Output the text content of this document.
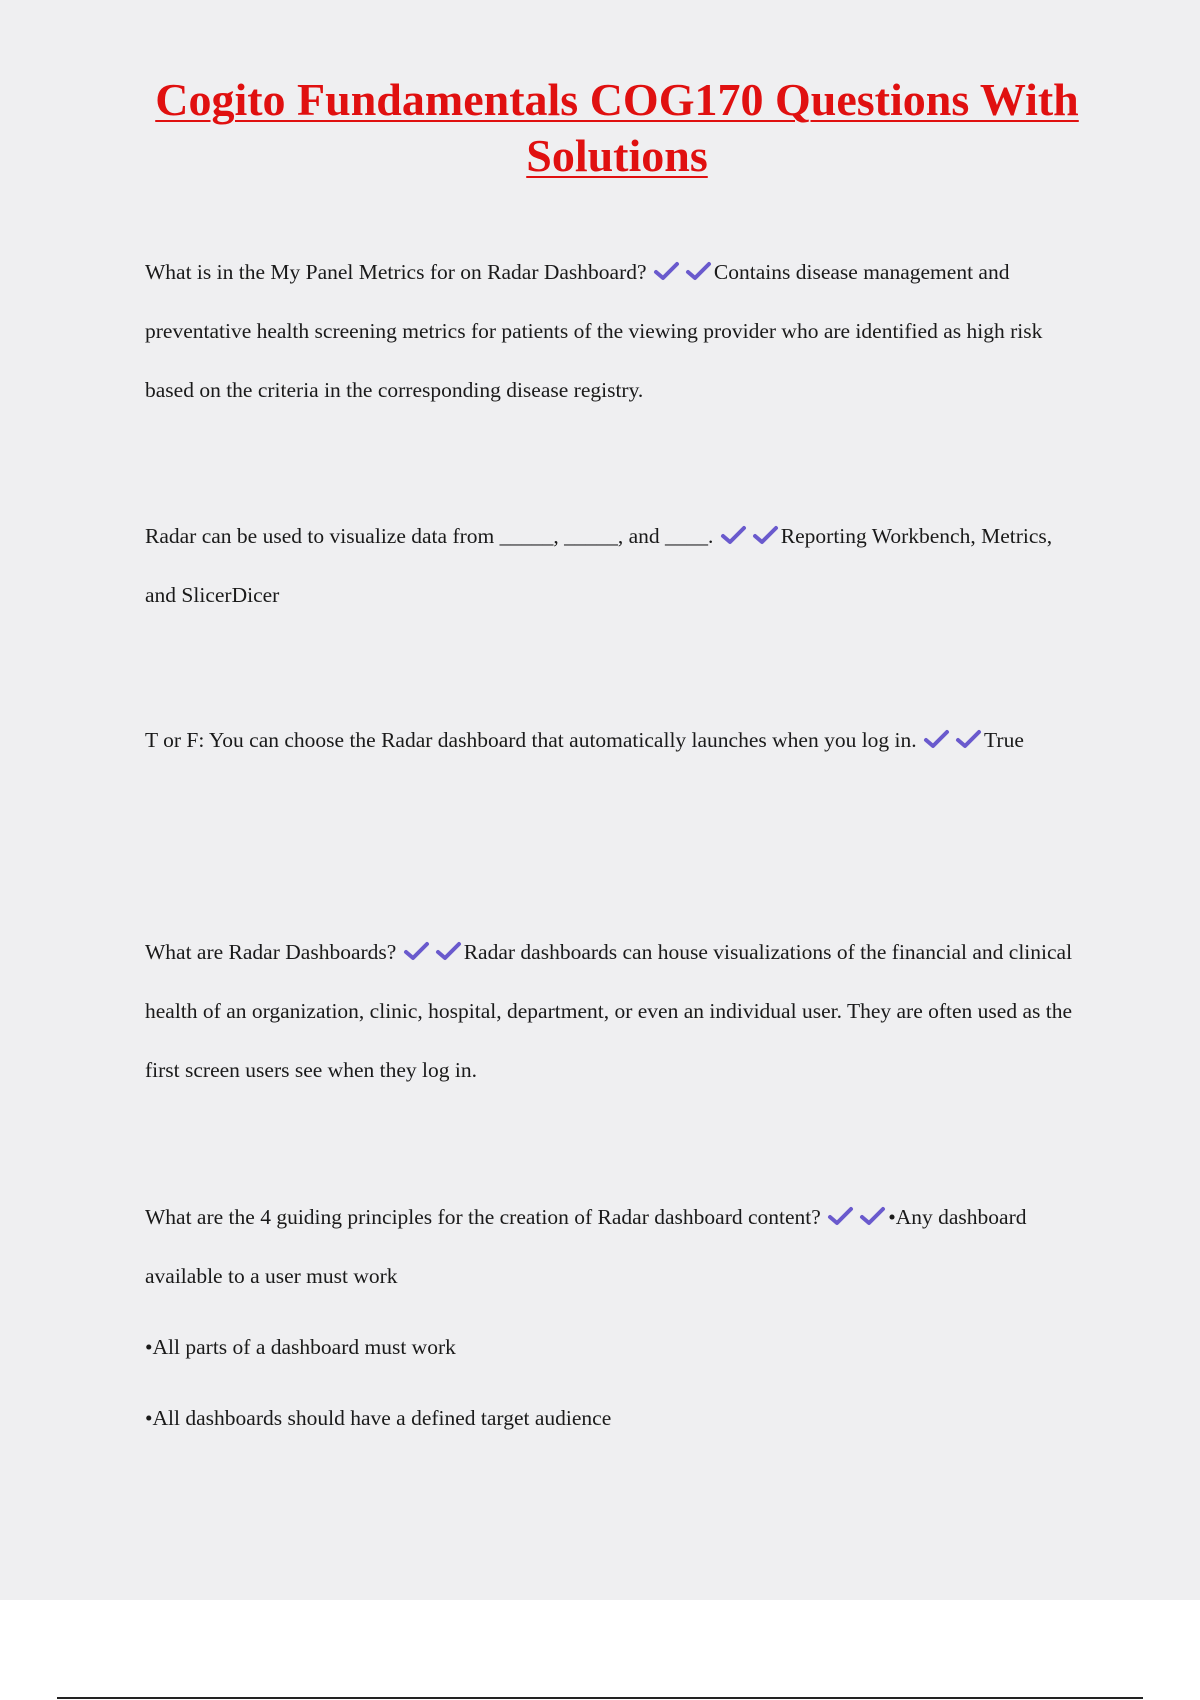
Cogito Fundamentals COG170 Questions With Solutions

What is in the My Panel Metrics for on Radar Dashboard?	Contains disease management and preventative health screening metrics for patients of the viewing provider who are identified as high risk based on the criteria in the corresponding disease registry.

Radar can be used to visualize data from _____, _____, and ____.	Reporting Workbench, Metrics, and SlicerDicer

T or F: You can choose the Radar dashboard that automatically launches when you log in.	True

What are Radar Dashboards?	Radar dashboards can house visualizations of the financial and clinical health of an organization, clinic, hospital, department, or even an individual user. They are often used as the first screen users see when they log in.

What are the 4 guiding principles for the creation of Radar dashboard content?	•Any dashboard available to a user must work

•All parts of a dashboard must work

•All dashboards should have a defined target audience
